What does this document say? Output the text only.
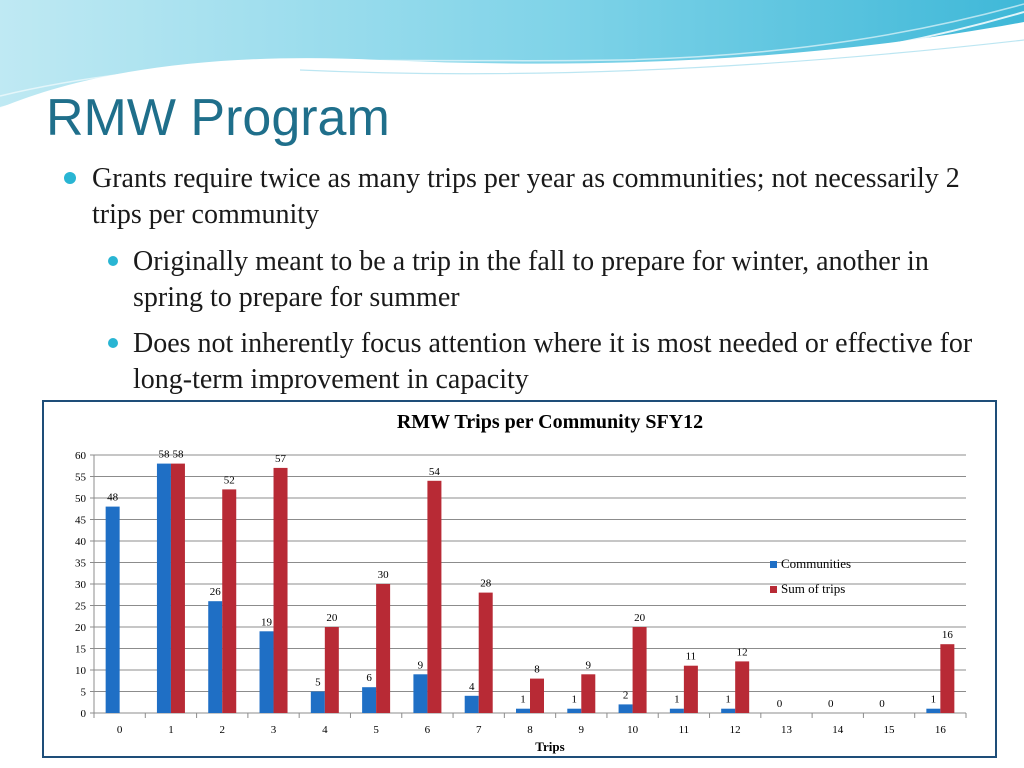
RMW Program

Grants require twice as many trips per year as communities; not necessarily 2 trips per community

Originally meant to be a trip in the fall to prepare for winter, another in spring to prepare for summer

Does not inherently focus attention where it is most needed or effective for long-term improvement in capacity

RMW Trips per Community SFY12
0
5
10
15
20
25
30
35
40
45
50
55
60
0	1	2	3	4	5	6	7	8	9	10	11	12	13	14	15	16
Trips
48
58 58
26
52
19
57
5
20
6
30
9
54
4
28
1
8
1
9
2
20
1
11
1
12
0	0	0	1
16
Communities
Sum of trips
